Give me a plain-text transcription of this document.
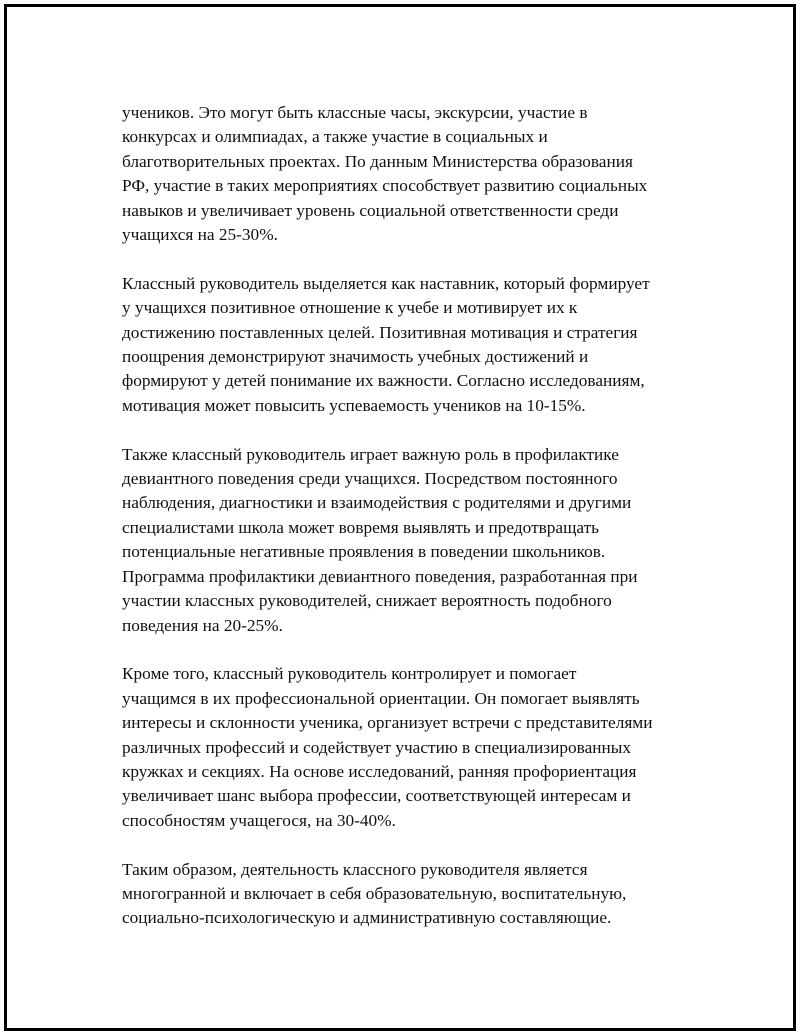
учеников. Это могут быть классные часы, экскурсии, участие в
конкурсах и олимпиадах, а также участие в социальных и
благотворительных проектах. По данным Министерства образования
РФ, участие в таких мероприятиях способствует развитию социальных
навыков и увеличивает уровень социальной ответственности среди
учащихся на 25-30%.

Классный руководитель выделяется как наставник, который формирует
у учащихся позитивное отношение к учебе и мотивирует их к
достижению поставленных целей. Позитивная мотивация и стратегия
поощрения демонстрируют значимость учебных достижений и
формируют у детей понимание их важности. Согласно исследованиям,
мотивация может повысить успеваемость учеников на 10-15%.

Также классный руководитель играет важную роль в профилактике
девиантного поведения среди учащихся. Посредством постоянного
наблюдения, диагностики и взаимодействия с родителями и другими
специалистами школа может вовремя выявлять и предотвращать
потенциальные негативные проявления в поведении школьников.
Программа профилактики девиантного поведения, разработанная при
участии классных руководителей, снижает вероятность подобного
поведения на 20-25%.

Кроме того, классный руководитель контролирует и помогает
учащимся в их профессиональной ориентации. Он помогает выявлять
интересы и склонности ученика, организует встречи с представителями
различных профессий и содействует участию в специализированных
кружках и секциях. На основе исследований, ранняя профориентация
увеличивает шанс выбора профессии, соответствующей интересам и
способностям учащегося, на 30-40%.

Таким образом, деятельность классного руководителя является
многогранной и включает в себя образовательную, воспитательную,
социально-психологическую и административную составляющие.
